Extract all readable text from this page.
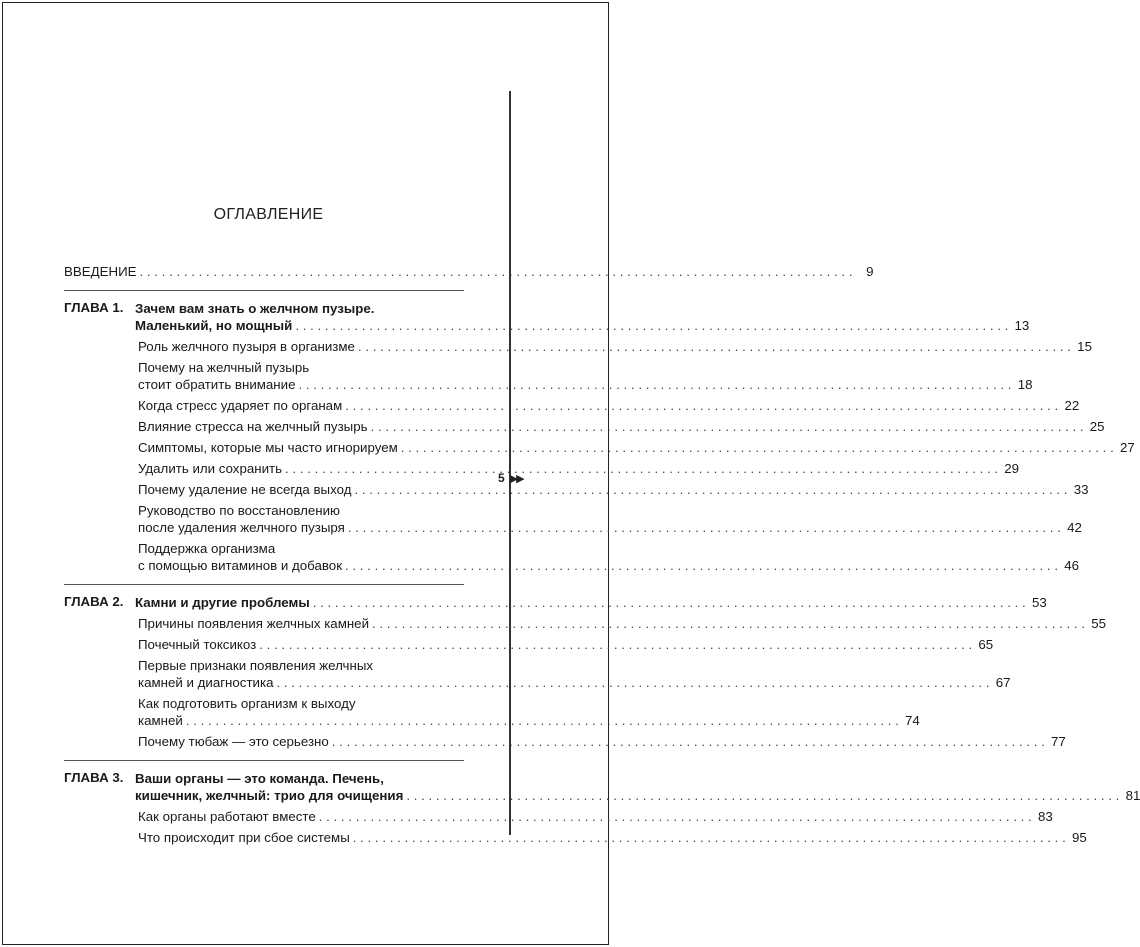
5 ▶▶
ОГЛАВЛЕНИЕ
ВВЕДЕНИЕ . . .	9
ГЛАВА 1. Зачем вам знать о желчном пузыре.
Маленький, но мощный . . .	13
Роль желчного пузыря в организме . . .	15
Почему на желчный пузырь
стоит обратить внимание . . .	18
Когда стресс ударяет по органам . . .	22
Влияние стресса на желчный пузырь . . .	25
Симптомы, которые мы часто игнорируем . . .	27
Удалить или сохранить . . .	29
Почему удаление не всегда выход . . .	33
Руководство по восстановлению
после удаления желчного пузыря . . .	42
Поддержка организма
с помощью витаминов и добавок . . .	46
ГЛАВА 2. Камни и другие проблемы . . .	53
Причины появления желчных камней . . .	55
Почечный токсикоз . . .	65
Первые признаки появления желчных
камней и диагностика . . .	67
Как подготовить организм к выходу
камней . . .	74
Почему тюбаж — это серьезно . . .	77
ГЛАВА 3. Ваши органы — это команда. Печень,
кишечник, желчный: трио для очищения . . .	81
Как органы работают вместе . . .	83
Что происходит при сбое системы . . .	95
